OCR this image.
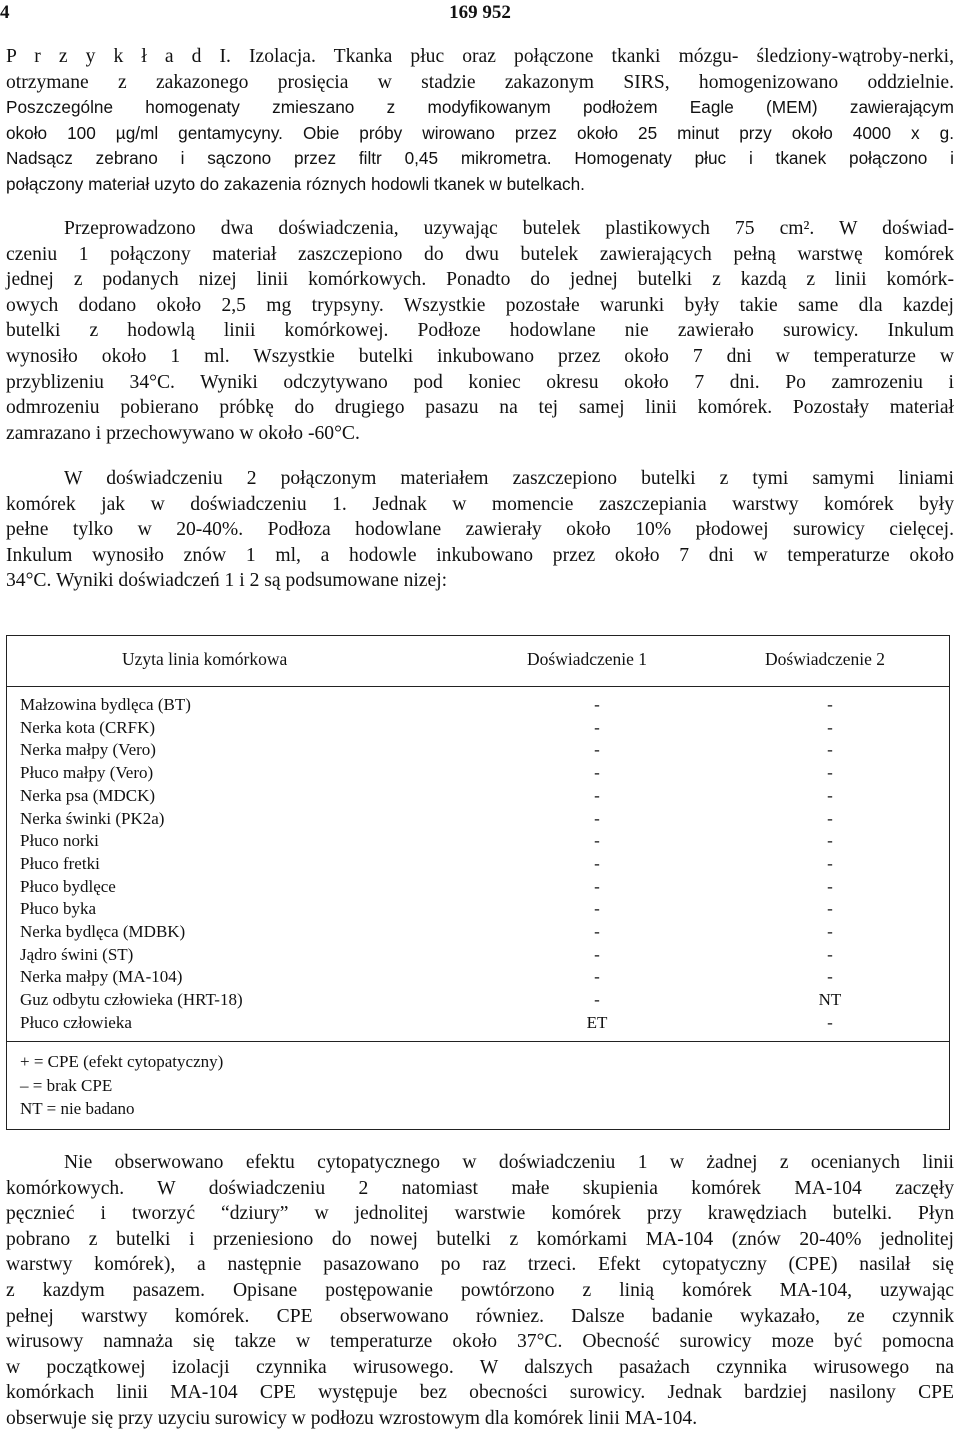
4	169 952
P r z y k ł a d I. Izolacja. Tkanka płuc oraz połączone tkanki mózgu- śledziony-wątroby-nerki,
otrzymane z zakazonego prosięcia w stadzie zakazonym SIRS, homogenizowano oddzielnie.
Poszczególne homogenaty zmieszano z modyfikowanym podłożem Eagle (MEM) zawierającym
około 100 µg/ml gentamycyny. Obie próby wirowano przez około 25 minut przy około 4000 x g.
Nadsącz zebrano i sączono przez filtr 0,45 mikrometra. Homogenaty płuc i tkanek połączono i
połączony materiał uzyto do zakazenia róznych hodowli tkanek w butelkach.
Przeprowadzono dwa doświadczenia, uzywając butelek plastikowych 75 cm². W doświad-
czeniu 1 połączony materiał zaszczepiono do dwu butelek zawierających pełną warstwę komórek
jednej z podanych nizej linii komórkowych. Ponadto do jednej butelki z kazdą z linii komórk-
owych dodano około 2,5 mg trypsyny. Wszystkie pozostałe warunki były takie same dla kazdej
butelki z hodowlą linii komórkowej. Podłoze hodowlane nie zawierało surowicy. Inkulum
wynosiło około 1 ml. Wszystkie butelki inkubowano przez około 7 dni w temperaturze w
przyblizeniu 34°C. Wyniki odczytywano pod koniec okresu około 7 dni. Po zamrozeniu i
odmrozeniu pobierano próbkę do drugiego pasazu na tej samej linii komórek. Pozostały materiał
zamrazano i przechowywano w około -60°C.
W doświadczeniu 2 połączonym materiałem zaszczepiono butelki z tymi samymi liniami
komórek jak w doświadczeniu 1. Jednak w momencie zaszczepiania warstwy komórek były
pełne tylko w 20-40%. Podłoza hodowlane zawierały około 10% płodowej surowicy cielęcej.
Inkulum wynosiło znów 1 ml, a hodowle inkubowano przez około 7 dni w temperaturze około
34°C. Wyniki doświadczeń 1 i 2 są podsumowane nizej:
Uzyta linia komórkowa	Doświadczenie 1	Doświadczenie 2
Małzowina bydlęca (BT)	-	-
Nerka kota (CRFK)	-	-
Nerka małpy (Vero)	-	-
Płuco małpy (Vero)	-	-
Nerka psa (MDCK)	-	-
Nerka świnki (PK2a)	-	-
Płuco norki	-	-
Płuco fretki	-	-
Płuco bydlęce	-	-
Płuco byka	-	-
Nerka bydlęca (MDBK)	-	-
Jądro świni (ST)	-	-
Nerka małpy (MA-104)	-	-
Guz odbytu człowieka (HRT-18)	-	NT
Płuco człowieka	ET	-
+ = CPE (efekt cytopatyczny)
– = brak CPE
NT = nie badano
Nie obserwowano efektu cytopatycznego w doświadczeniu 1 w żadnej z ocenianych linii
komórkowych. W doświadczeniu 2 natomiast małe skupienia komórek MA-104 zaczęły
pęcznieć i tworzyć “dziury” w jednolitej warstwie komórek przy krawędziach butelki. Płyn
pobrano z butelki i przeniesiono do nowej butelki z komórkami MA-104 (znów 20-40% jednolitej
warstwy komórek), a następnie pasazowano po raz trzeci. Efekt cytopatyczny (CPE) nasilał się
z kazdym pasazem. Opisane postępowanie powtórzono z linią komórek MA-104, uzywając
pełnej warstwy komórek. CPE obserwowano równiez. Dalsze badanie wykazało, ze czynnik
wirusowy namnaża się takze w temperaturze około 37°C. Obecność surowicy moze być pomocna
w początkowej izolacji czynnika wirusowego. W dalszych pasażach czynnika wirusowego na
komórkach linii MA-104 CPE występuje bez obecności surowicy. Jednak bardziej nasilony CPE
obserwuje się przy uzyciu surowicy w podłozu wzrostowym dla komórek linii MA-104.
